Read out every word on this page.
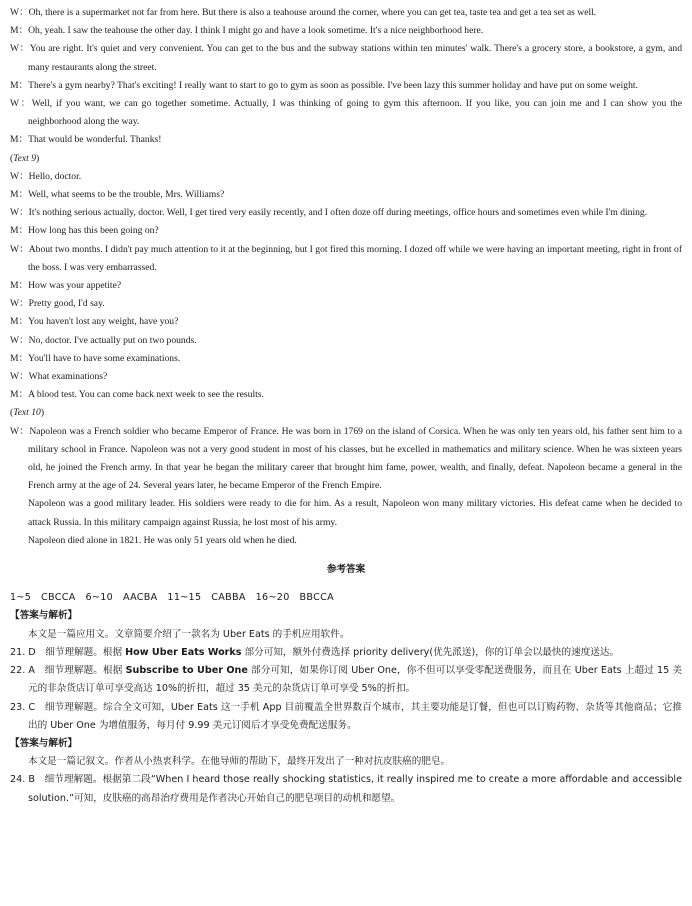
W：Oh, there is a supermarket not far from here. But there is also a teahouse around the corner, where you can get tea, taste tea and get a tea set as well.

M：Oh, yeah. I saw the teahouse the other day. I think I might go and have a look sometime. It's a nice neighborhood here.

W：You are right. It's quiet and very convenient. You can get to the bus and the subway stations within ten minutes' walk. There's a grocery store, a bookstore, a gym, and many restaurants along the street.

M：There's a gym nearby? That's exciting! I really want to start to go to gym as soon as possible. I've been lazy this summer holiday and have put on some weight.

W：Well, if you want, we can go together sometime. Actually, I was thinking of going to gym this afternoon. If you like, you can join me and I can show you the neighborhood along the way.

M：That would be wonderful. Thanks!

(Text 9)

W：Hello, doctor.

M：Well, what seems to be the trouble, Mrs. Williams?

W：It's nothing serious actually, doctor. Well, I get tired very easily recently, and I often doze off during meetings, office hours and sometimes even while I'm dining.

M：How long has this been going on?

W：About two months. I didn't pay much attention to it at the beginning, but I got fired this morning. I dozed off while we were having an important meeting, right in front of the boss. I was very embarrassed.

M：How was your appetite?

W：Pretty good, I'd say.

M：You haven't lost any weight, have you?

W：No, doctor. I've actually put on two pounds.

M：You'll have to have some examinations.

W：What examinations?

M：A blood test. You can come back next week to see the results.

(Text 10)

W：Napoleon was a French soldier who became Emperor of France. He was born in 1769 on the island of Corsica. When he was only ten years old, his father sent him to a military school in France. Napoleon was not a very good student in most of his classes, but he excelled in mathematics and military science. When he was sixteen years old, he joined the French army. In that year he began the military career that brought him fame, power, wealth, and finally, defeat. Napoleon became a general in the French army at the age of 24. Several years later, he became Emperor of the French Empire.

Napoleon was a good military leader. His soldiers were ready to die for him. As a result, Napoleon won many military victories. His defeat came when he decided to attack Russia. In this military campaign against Russia, he lost most of his army.

Napoleon died alone in 1821. He was only 51 years old when he died.

参考答案

1~5　CBCCA　6~10　AACBA　11~15　CABBA　16~20　BBCCA

【答案与解析】

本文是一篇应用文。文章简要介绍了一款名为 Uber Eats 的手机应用软件。

21. D　细节理解题。根据 How Uber Eats Works 部分可知，额外付费选择 priority delivery(优先派送)，你的订单会以最快的速度送达。

22. A　细节理解题。根据 Subscribe to Uber One 部分可知，如果你订阅 Uber One，你不但可以享受零配送费服务，而且在 Uber Eats 上超过 15 美元的非杂货店订单可享受高达 10%的折扣，超过 35 美元的杂货店订单可享受 5%的折扣。

23. C　细节理解题。综合全文可知，Uber Eats 这一手机 App 目前覆盖全世界数百个城市，其主要功能是订餐，但也可以订购药物、杂货等其他商品；它推出的 Uber One 为增值服务，每月付 9.99 美元订阅后才享受免费配送服务。

【答案与解析】

本文是一篇记叙文。作者从小热衷科学。在他导师的帮助下，最终开发出了一种对抗皮肤癌的肥皂。

24. B　细节理解题。根据第二段“When I heard those really shocking statistics, it really inspired me to create a more affordable and accessible solution.”可知，皮肤癌的高昂治疗费用是作者决心开始自己的肥皂项目的动机和愿望。
